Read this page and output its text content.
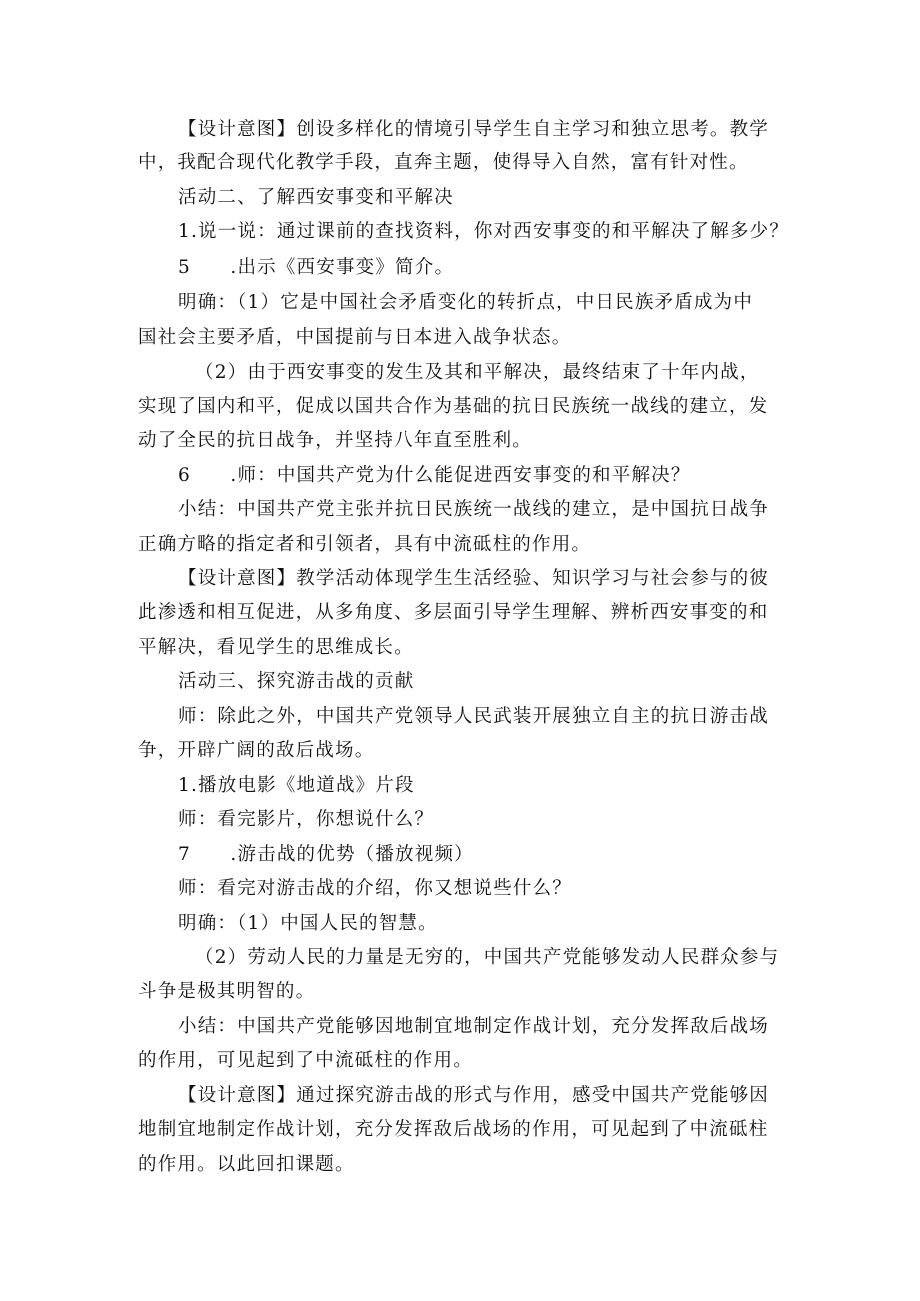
【设计意图】创设多样化的情境引导学生自主学习和独立思考。教学
中，我配合现代化教学手段，直奔主题，使得导入自然，富有针对性。
活动二、了解西安事变和平解决
1.说一说：通过课前的查找资料，你对西安事变的和平解决了解多少？
5　　.出示《西安事变》简介。
明确：（1）它是中国社会矛盾变化的转折点，中日民族矛盾成为中
国社会主要矛盾，中国提前与日本进入战争状态。
（2）由于西安事变的发生及其和平解决，最终结束了十年内战，
实现了国内和平，促成以国共合作为基础的抗日民族统一战线的建立，发
动了全民的抗日战争，并坚持八年直至胜利。
6　　.师：中国共产党为什么能促进西安事变的和平解决？
小结：中国共产党主张并抗日民族统一战线的建立，是中国抗日战争
正确方略的指定者和引领者，具有中流砥柱的作用。
【设计意图】教学活动体现学生生活经验、知识学习与社会参与的彼
此渗透和相互促进，从多角度、多层面引导学生理解、辨析西安事变的和
平解决，看见学生的思维成长。
活动三、探究游击战的贡献
师：除此之外，中国共产党领导人民武装开展独立自主的抗日游击战
争，开辟广阔的敌后战场。
1.播放电影《地道战》片段
师：看完影片，你想说什么？
7　　.游击战的优势（播放视频）
师：看完对游击战的介绍，你又想说些什么？
明确：（1）中国人民的智慧。
（2）劳动人民的力量是无穷的，中国共产党能够发动人民群众参与
斗争是极其明智的。
小结：中国共产党能够因地制宜地制定作战计划，充分发挥敌后战场
的作用，可见起到了中流砥柱的作用。
【设计意图】通过探究游击战的形式与作用，感受中国共产党能够因
地制宜地制定作战计划，充分发挥敌后战场的作用，可见起到了中流砥柱
的作用。以此回扣课题。
